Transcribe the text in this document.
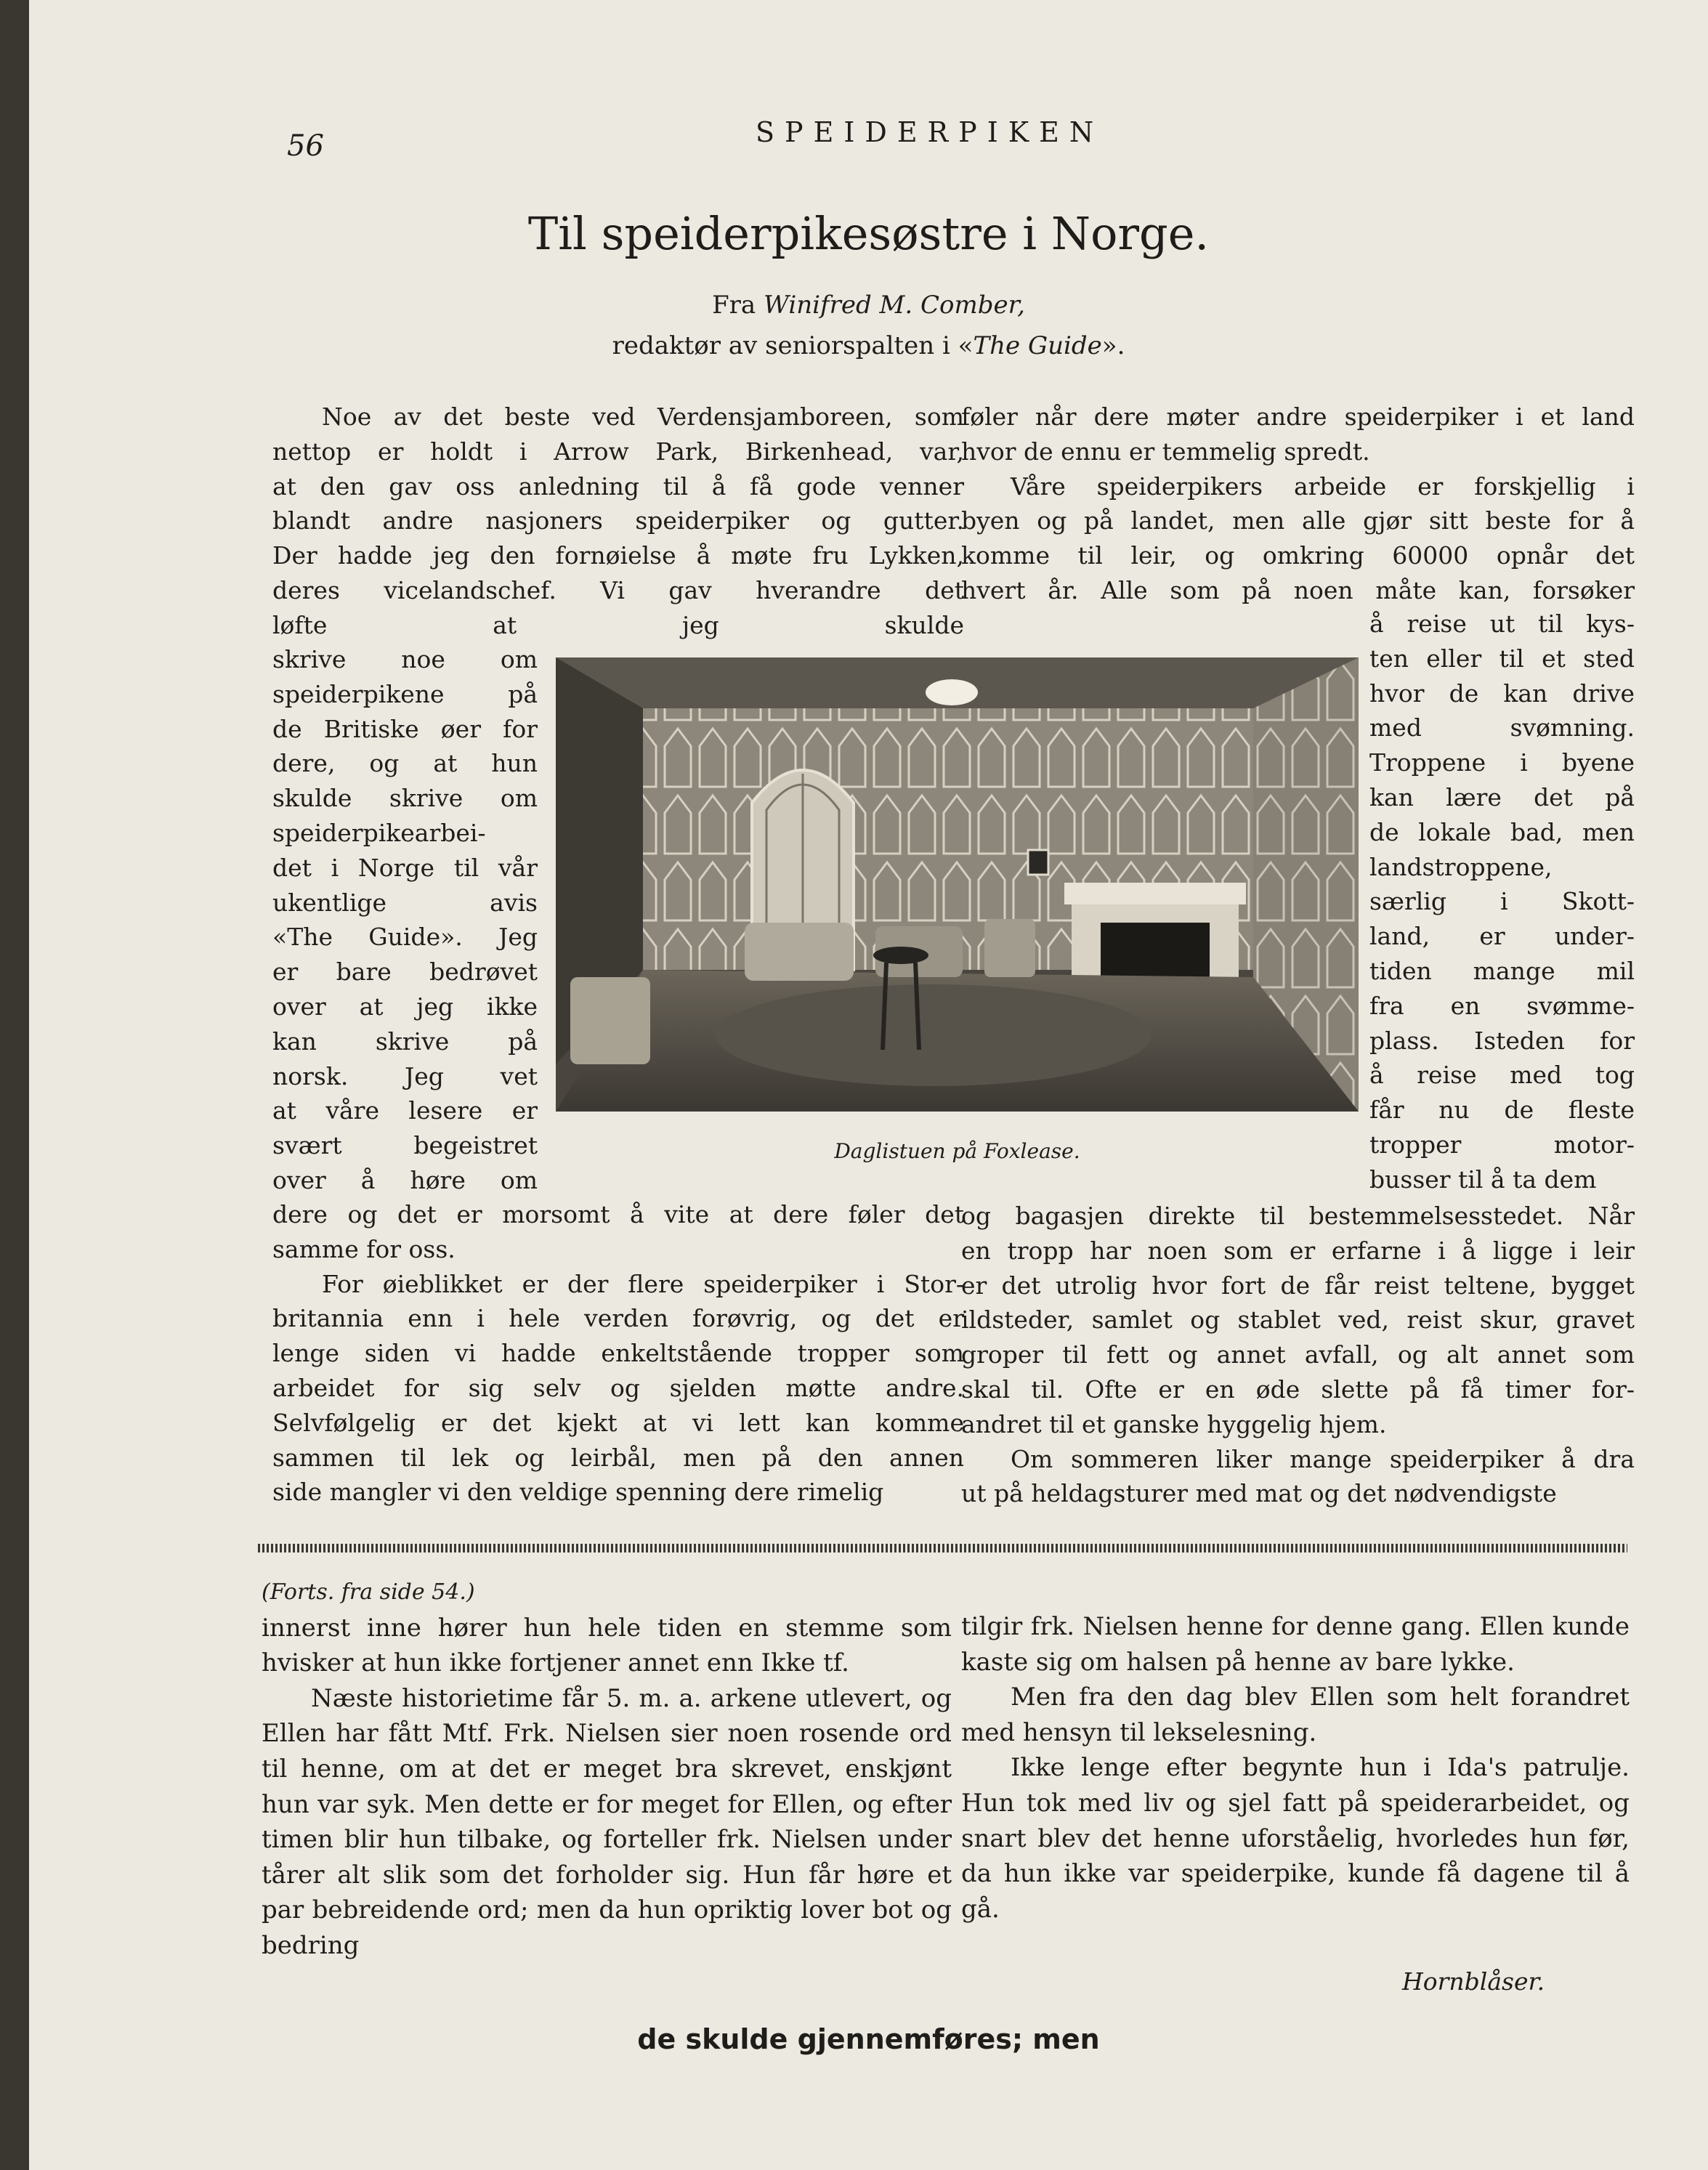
56	SPEIDERPIKEN
Til speiderpikesøstre i Norge.
Fra Winifred M. Comber,
redaktør av seniorspalten i «The Guide».
Noe av det beste ved Verdensjamboreen, som
nettop er holdt i Arrow Park, Birkenhead, var,
at den gav oss anledning til å få gode venner
blandt andre nasjoners speiderpiker og gutter.
Der hadde jeg den fornøielse å møte fru Lykken,
deres vicelandschef. Vi gav hverandre det
løfte at jeg skulde
skrive noe om
speiderpikene på
de Britiske øer for
dere, og at hun
skulde skrive om
speiderpikearbei-
det i Norge til vår
ukentlige avis
«The Guide». Jeg
er bare bedrøvet
over at jeg ikke
kan skrive på
norsk. Jeg vet
at våre lesere er
svært begeistret
over å høre om
dere og det er morsomt å vite at dere føler det
samme for oss.
For øieblikket er der flere speiderpiker i Stor-
britannia enn i hele verden forøvrig, og det er
lenge siden vi hadde enkeltstående tropper som
arbeidet for sig selv og sjelden møtte andre.
Selvfølgelig er det kjekt at vi lett kan komme
sammen til lek og leirbål, men på den annen
side mangler vi den veldige spenning dere rimelig
føler når dere møter andre speiderpiker i et land
hvor de ennu er temmelig spredt.
Våre speiderpikers arbeide er forskjellig i
byen og på landet, men alle gjør sitt beste for å
komme til leir, og omkring 60000 opnår det
hvert år. Alle som på noen måte kan, forsøker
å reise ut til kys-
ten eller til et sted
hvor de kan drive
med svømning.
Troppene i byene
kan lære det på
de lokale bad, men
landstroppene,
særlig i Skott-
land, er under-
tiden mange mil
fra en svømme-
plass. Isteden for
å reise med tog
får nu de fleste
tropper motor-
busser til å ta dem
og bagasjen direkte til bestemmelsesstedet. Når
en tropp har noen som er erfarne i å ligge i leir
er det utrolig hvor fort de får reist teltene, bygget
ildsteder, samlet og stablet ved, reist skur, gravet
groper til fett og annet avfall, og alt annet som
skal til. Ofte er en øde slette på få timer for-
andret til et ganske hyggelig hjem.
Om sommeren liker mange speiderpiker å dra
ut på heldagsturer med mat og det nødvendigste
Daglistuen på Foxlease.
(Forts. fra side 54.)

innerst inne hører hun hele tiden en stemme som hvisker at hun ikke fortjener annet enn Ikke tf.

Næste historietime får 5. m. a. arkene utlevert, og Ellen har fått Mtf. Frk. Nielsen sier noen rosende ord til henne, om at det er meget bra skrevet, enskjønt hun var syk. Men dette er for meget for Ellen, og efter timen blir hun tilbake, og forteller frk. Nielsen under tårer alt slik som det forholder sig. Hun får høre et par bebreidende ord; men da hun opriktig lover bot og bedring

tilgir frk. Nielsen henne for denne gang. Ellen kunde kaste sig om halsen på henne av bare lykke.

Men fra den dag blev Ellen som helt forandret med hensyn til lekselesning.

Ikke lenge efter begynte hun i Ida's patrulje. Hun tok med liv og sjel fatt på speiderarbeidet, og snart blev det henne uforståelig, hvorledes hun før, da hun ikke var speiderpike, kunde få dagene til å gå.

Hornblåser.
de skulde gjennemføres; men
